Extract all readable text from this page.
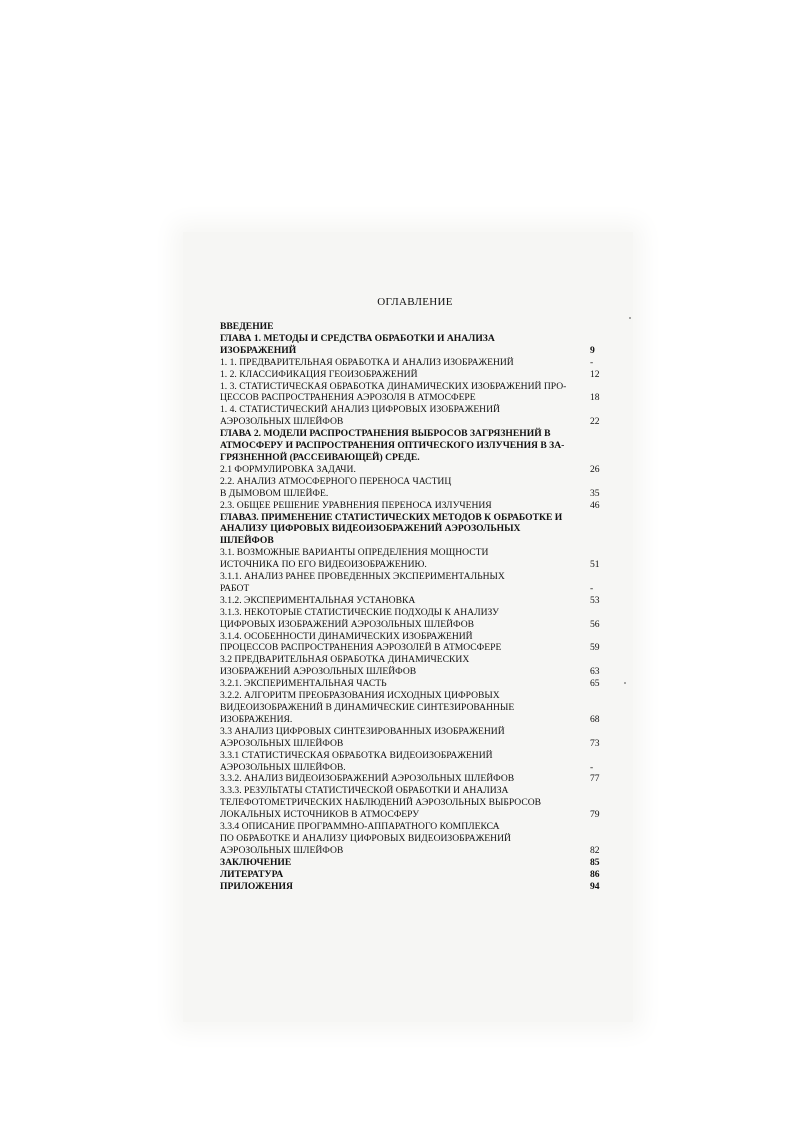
ОГЛАВЛЕНИЕ
ВВЕДЕНИЕ
ГЛАВА 1. МЕТОДЫ И СРЕДСТВА ОБРАБОТКИ И АНАЛИЗА
ИЗОБРАЖЕНИЙ	9
1. 1. ПРЕДВАРИТЕЛЬНАЯ ОБРАБОТКА И АНАЛИЗ ИЗОБРАЖЕНИЙ	-
1. 2. КЛАССИФИКАЦИЯ ГЕОИЗОБРАЖЕНИЙ	12
1. 3. СТАТИСТИЧЕСКАЯ ОБРАБОТКА ДИНАМИЧЕСКИХ ИЗОБРАЖЕНИЙ ПРО-
ЦЕССОВ РАСПРОСТРАНЕНИЯ АЭРОЗОЛЯ В АТМОСФЕРЕ	18
1. 4. СТАТИСТИЧЕСКИЙ АНАЛИЗ ЦИФРОВЫХ ИЗОБРАЖЕНИЙ
АЭРОЗОЛЬНЫХ ШЛЕЙФОВ	22
ГЛАВА 2. МОДЕЛИ РАСПРОСТРАНЕНИЯ ВЫБРОСОВ ЗАГРЯЗНЕНИЙ В
АТМОСФЕРУ И РАСПРОСТРАНЕНИЯ ОПТИЧЕСКОГО ИЗЛУЧЕНИЯ В ЗА-
ГРЯЗНЕННОЙ (РАССЕИВАЮЩЕЙ) СРЕДЕ.
2.1 ФОРМУЛИРОВКА ЗАДАЧИ.	26
2.2. АНАЛИЗ АТМОСФЕРНОГО ПЕРЕНОСА ЧАСТИЦ
В ДЫМОВОМ ШЛЕЙФЕ.	35
2.3. ОБЩЕЕ РЕШЕНИЕ УРАВНЕНИЯ ПЕРЕНОСА ИЗЛУЧЕНИЯ	46
ГЛАВАЗ. ПРИМЕНЕНИЕ СТАТИСТИЧЕСКИХ МЕТОДОВ К ОБРАБОТКЕ И
АНАЛИЗУ ЦИФРОВЫХ ВИДЕОИЗОБРАЖЕНИЙ АЭРОЗОЛЬНЫХ
ШЛЕЙФОВ
3.1. ВОЗМОЖНЫЕ ВАРИАНТЫ ОПРЕДЕЛЕНИЯ МОЩНОСТИ
ИСТОЧНИКА ПО ЕГО ВИДЕОИЗОБРАЖЕНИЮ.	51
3.1.1. АНАЛИЗ РАНЕЕ ПРОВЕДЕННЫХ ЭКСПЕРИМЕНТАЛЬНЫХ
РАБОТ	-
3.1.2. ЭКСПЕРИМЕНТАЛЬНАЯ УСТАНОВКА	53
3.1.3. НЕКОТОРЫЕ СТАТИСТИЧЕСКИЕ ПОДХОДЫ К АНАЛИЗУ
ЦИФРОВЫХ ИЗОБРАЖЕНИЙ АЭРОЗОЛЬНЫХ ШЛЕЙФОВ	56
3.1.4. ОСОБЕННОСТИ ДИНАМИЧЕСКИХ ИЗОБРАЖЕНИЙ
ПРОЦЕССОВ РАСПРОСТРАНЕНИЯ АЭРОЗОЛЕЙ В АТМОСФЕРЕ	59
3.2 ПРЕДВАРИТЕЛЬНАЯ ОБРАБОТКА ДИНАМИЧЕСКИХ
ИЗОБРАЖЕНИЙ АЭРОЗОЛЬНЫХ ШЛЕЙФОВ	63
3.2.1. ЭКСПЕРИМЕНТАЛЬНАЯ ЧАСТЬ	65
3.2.2. АЛГОРИТМ ПРЕОБРАЗОВАНИЯ ИСХОДНЫХ ЦИФРОВЫХ
ВИДЕОИЗОБРАЖЕНИЙ В ДИНАМИЧЕСКИЕ СИНТЕЗИРОВАННЫЕ
ИЗОБРАЖЕНИЯ.	68
3.3 АНАЛИЗ ЦИФРОВЫХ СИНТЕЗИРОВАННЫХ ИЗОБРАЖЕНИЙ
АЭРОЗОЛЬНЫХ ШЛЕЙФОВ	73
3.3.1 СТАТИСТИЧЕСКАЯ ОБРАБОТКА ВИДЕОИЗОБРАЖЕНИЙ
АЭРОЗОЛЬНЫХ ШЛЕЙФОВ.	-
3.3.2. АНАЛИЗ ВИДЕОИЗОБРАЖЕНИЙ АЭРОЗОЛЬНЫХ ШЛЕЙФОВ	77
3.3.3. РЕЗУЛЬТАТЫ СТАТИСТИЧЕСКОЙ ОБРАБОТКИ И АНАЛИЗА
ТЕЛЕФОТОМЕТРИЧЕСКИХ НАБЛЮДЕНИЙ АЭРОЗОЛЬНЫХ ВЫБРОСОВ
ЛОКАЛЬНЫХ ИСТОЧНИКОВ В АТМОСФЕРУ	79
3.3.4 ОПИСАНИЕ ПРОГРАММНО-АППАРАТНОГО КОМПЛЕКСА
ПО ОБРАБОТКЕ И АНАЛИЗУ ЦИФРОВЫХ ВИДЕОИЗОБРАЖЕНИЙ
АЭРОЗОЛЬНЫХ ШЛЕЙФОВ	82
ЗАКЛЮЧЕНИЕ	85
ЛИТЕРАТУРА	86
ПРИЛОЖЕНИЯ	94
